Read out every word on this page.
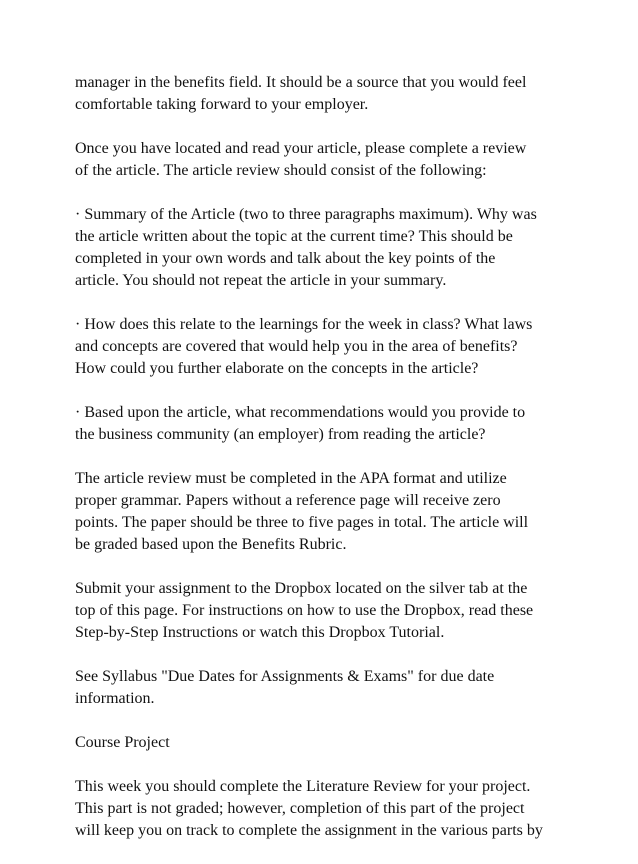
manager in the benefits field. It should be a source that you would feel
comfortable taking forward to your employer.

Once you have located and read your article, please complete a review
of the article. The article review should consist of the following:

· Summary of the Article (two to three paragraphs maximum). Why was
the article written about the topic at the current time? This should be
completed in your own words and talk about the key points of the
article. You should not repeat the article in your summary.

· How does this relate to the learnings for the week in class? What laws
and concepts are covered that would help you in the area of benefits?
How could you further elaborate on the concepts in the article?

· Based upon the article, what recommendations would you provide to
the business community (an employer) from reading the article?

The article review must be completed in the APA format and utilize
proper grammar. Papers without a reference page will receive zero
points. The paper should be three to five pages in total. The article will
be graded based upon the Benefits Rubric.

Submit your assignment to the Dropbox located on the silver tab at the
top of this page. For instructions on how to use the Dropbox, read these
Step-by-Step Instructions or watch this Dropbox Tutorial.

See Syllabus "Due Dates for Assignments & Exams" for due date
information.

Course Project

This week you should complete the Literature Review for your project.
This part is not graded; however, completion of this part of the project
will keep you on track to complete the assignment in the various parts by
